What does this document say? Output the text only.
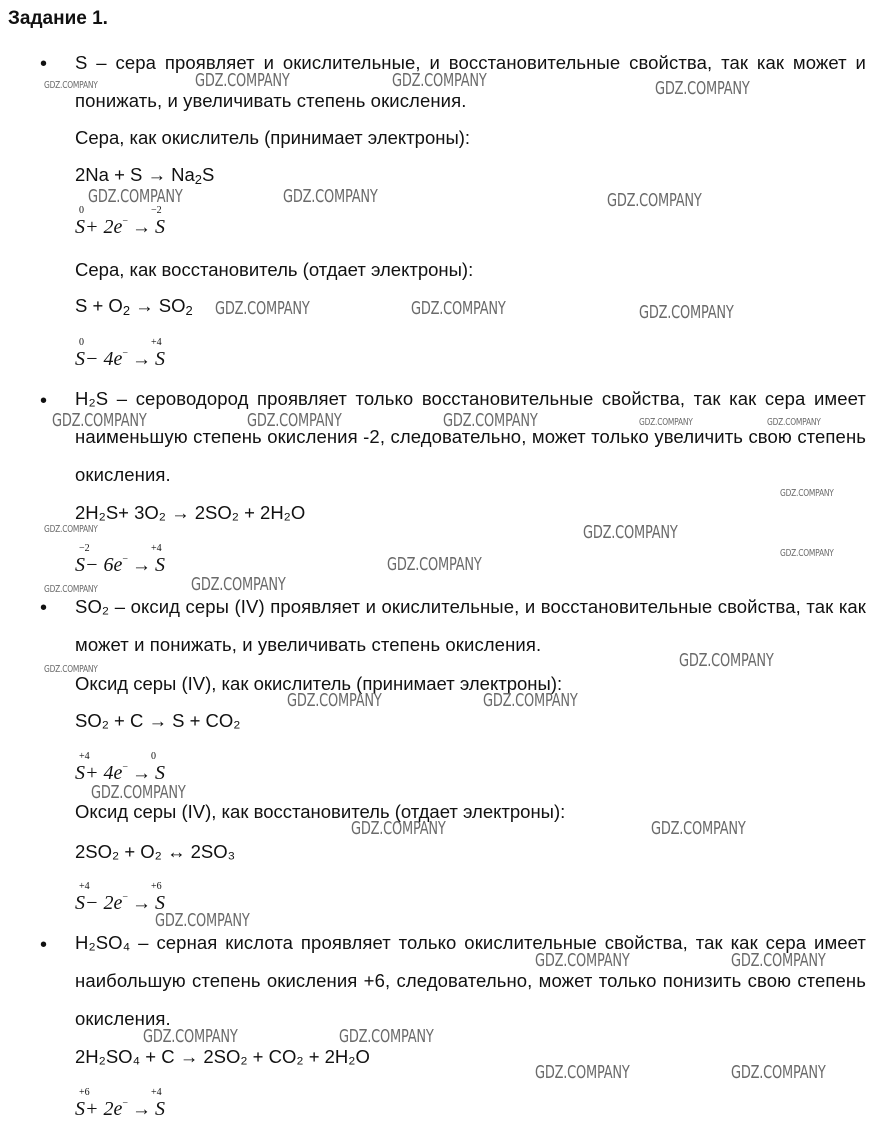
Задание 1.
• S – сера проявляет и окислительные, и восстановительные свойства, так как может и понижать, и увеличивать степень окисления.
Сера, как окислитель (принимает электроны):
$2Na + S \to Na_2S$
0
S+ 2e− →
−2
S
Сера, как восстановитель (отдает электроны):
$S + O_2 \to SO_2$
0
S− 4e− →
+4
S
• H₂S – сероводород проявляет только восстановительные свойства, так как сера имеет наименьшую степень окисления -2, следовательно, может только увеличить свою степень окисления.
2H₂S+ 3O₂ → 2SO₂ + 2H₂O
−2
S− 6e− →
+4
S
• SO₂ – оксид серы (IV) проявляет и окислительные, и восстановительные свойства, так как может и понижать, и увеличивать степень окисления.
Оксид серы (IV), как окислитель (принимает электроны):
SO₂ + C → S + CO₂
+4
S+ 4e− →
0
S
Оксид серы (IV), как восстановитель (отдает электроны):
2SO₂ + O₂ ↔ 2SO₃
+4
S− 2e− →
+6
S
• H₂SO₄ – серная кислота проявляет только окислительные свойства, так как сера имеет наибольшую степень окисления +6, следовательно, может только понизить свою степень окисления.
2H₂SO₄ + C → 2SO₂ + CO₂ + 2H₂O
+6
S+ 2e− →
+4
S
GDZ.COMPANY	GDZ.COMPANY	GDZ.COMPANY	GDZ.COMPANY
GDZ.COMPANY	GDZ.COMPANY	GDZ.COMPANY
GDZ.COMPANY	GDZ.COMPANY	GDZ.COMPANY
GDZ.COMPANY	GDZ.COMPANY	GDZ.COMPANY	GDZ.COMPANY	GDZ.COMPANY
GDZ.COMPANY
GDZ.COMPANY	GDZ.COMPANY
GDZ.COMPANY
GDZ.COMPANY
GDZ.COMPANY	GDZ.COMPANY
GDZ.COMPANY
GDZ.COMPANY
GDZ.COMPANY	GDZ.COMPANY
GDZ.COMPANY
GDZ.COMPANY	GDZ.COMPANY
GDZ.COMPANY
GDZ.COMPANY	GDZ.COMPANY
GDZ.COMPANY	GDZ.COMPANY
GDZ.COMPANY	GDZ.COMPANY
